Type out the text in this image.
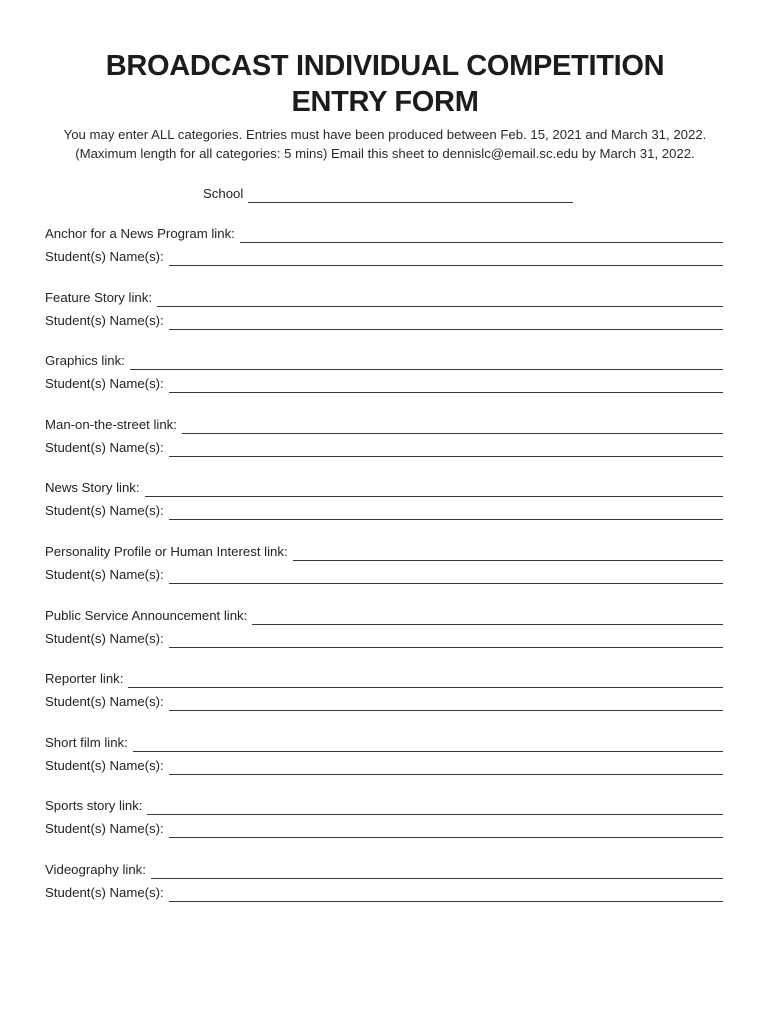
BROADCAST INDIVIDUAL COMPETITION
ENTRY FORM
You may enter ALL categories. Entries must have been produced between Feb. 15, 2021 and March 31, 2022.
(Maximum length for all categories: 5 mins) Email this sheet to dennislc@email.sc.edu by March 31, 2022.
School
Anchor for a News Program link:
Student(s) Name(s):
Feature Story link:
Student(s) Name(s):
Graphics link:
Student(s) Name(s):
Man-on-the-street link:
Student(s) Name(s):
News Story link:
Student(s) Name(s):
Personality Profile or Human Interest link:
Student(s) Name(s):
Public Service Announcement link:
Student(s) Name(s):
Reporter link:
Student(s) Name(s):
Short film link:
Student(s) Name(s):
Sports story link:
Student(s) Name(s):
Videography link:
Student(s) Name(s):
